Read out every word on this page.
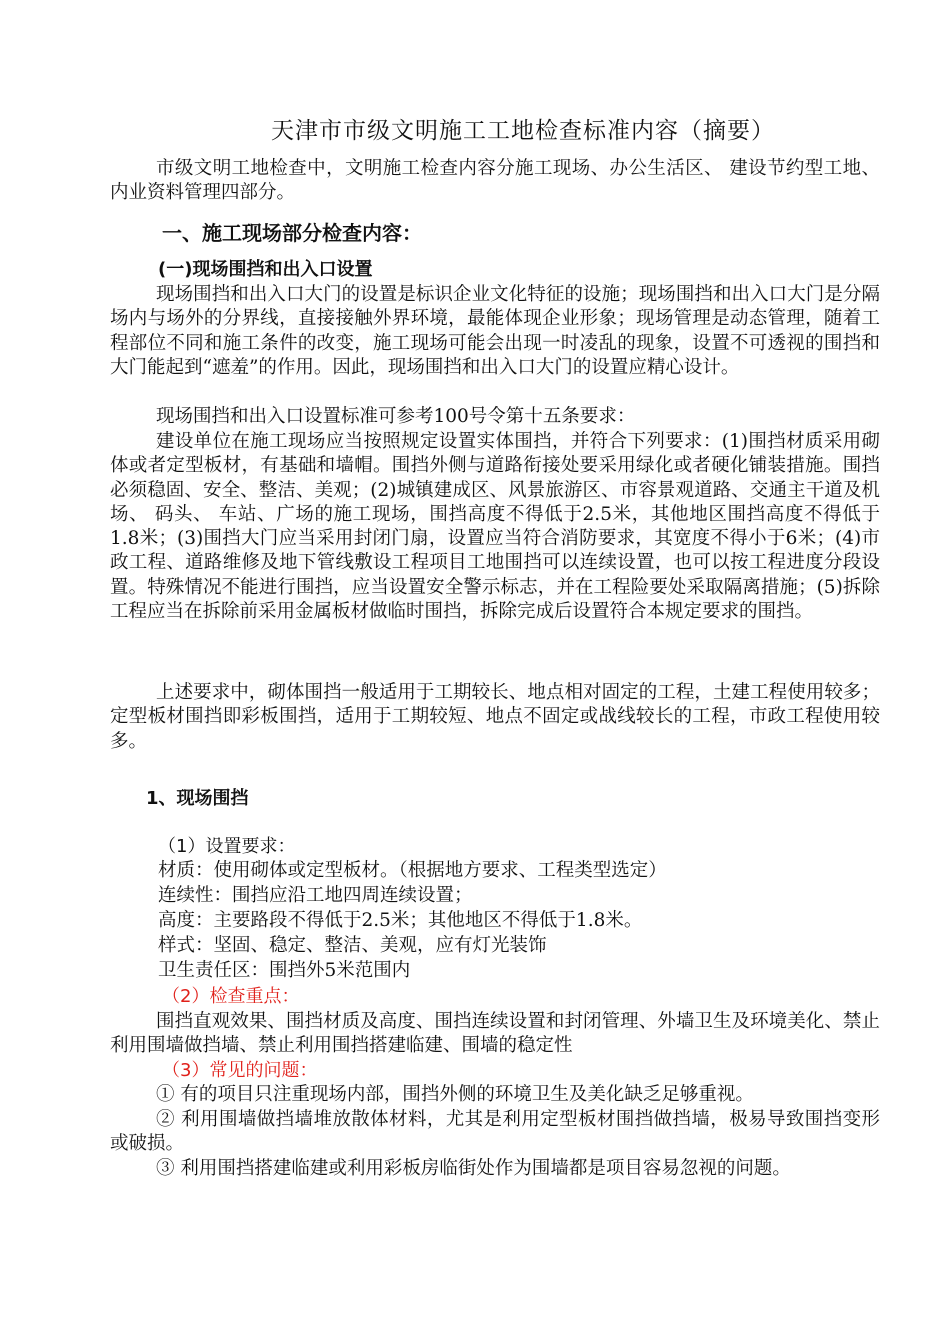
天津市市级文明施工工地检查标准内容（摘要）

市级文明工地检查中，文明施工检查内容分施工现场、办公生活区、 建设节约型工地、 内业资料管理四部分。

一、施工现场部分检查内容：
(一)现场围挡和出入口设置

现场围挡和出入口大门的设置是标识企业文化特征的设施；现场围挡和出入口大门是分隔场内与场外的分界线，直接接触外界环境，最能体现企业形象；现场管理是动态管理，随着工程部位不同和施工条件的改变，施工现场可能会出现一时凌乱的现象，设置不可透视的围挡和大门能起到“遮羞”的作用。因此，现场围挡和出入口大门的设置应精心设计。

现场围挡和出入口设置标准可参考100号令第十五条要求：

建设单位在施工现场应当按照规定设置实体围挡，并符合下列要求：(1)围挡材质采用砌体或者定型板材，有基础和墙帽。围挡外侧与道路衔接处要采用绿化或者硬化铺装措施。围挡必须稳固、安全、整洁、美观；(2)城镇建成区、风景旅游区、市容景观道路、交通主干道及机场、 码头、 车站、广场的施工现场，围挡高度不得低于2.5米，其他地区围挡高度不得低于1.8米；(3)围挡大门应当采用封闭门扇，设置应当符合消防要求，其宽度不得小于6米；(4)市政工程、道路维修及地下管线敷设工程项目工地围挡可以连续设置，也可以按工程进度分段设置。特殊情况不能进行围挡，应当设置安全警示标志，并在工程险要处采取隔离措施；(5)拆除工程应当在拆除前采用金属板材做临时围挡，拆除完成后设置符合本规定要求的围挡。

上述要求中，砌体围挡一般适用于工期较长、地点相对固定的工程，土建工程使用较多；定型板材围挡即彩板围挡，适用于工期较短、地点不固定或战线较长的工程，市政工程使用较多。

1、现场围挡
（1）设置要求：
材质：使用砌体或定型板材。（根据地方要求、工程类型选定）
连续性：围挡应沿工地四周连续设置；
高度：主要路段不得低于2.5米；其他地区不得低于1.8米。
样式：坚固、稳定、整洁、美观，应有灯光装饰
卫生责任区：围挡外5米范围内
（2）检查重点：

围挡直观效果、围挡材质及高度、围挡连续设置和封闭管理、外墙卫生及环境美化、禁止利用围墙做挡墙、禁止利用围挡搭建临建、围墙的稳定性

（3）常见的问题：

① 有的项目只注重现场内部，围挡外侧的环境卫生及美化缺乏足够重视。

② 利用围墙做挡墙堆放散体材料，尤其是利用定型板材围挡做挡墙，极易导致围挡变形或破损。

③ 利用围挡搭建临建或利用彩板房临街处作为围墙都是项目容易忽视的问题。
